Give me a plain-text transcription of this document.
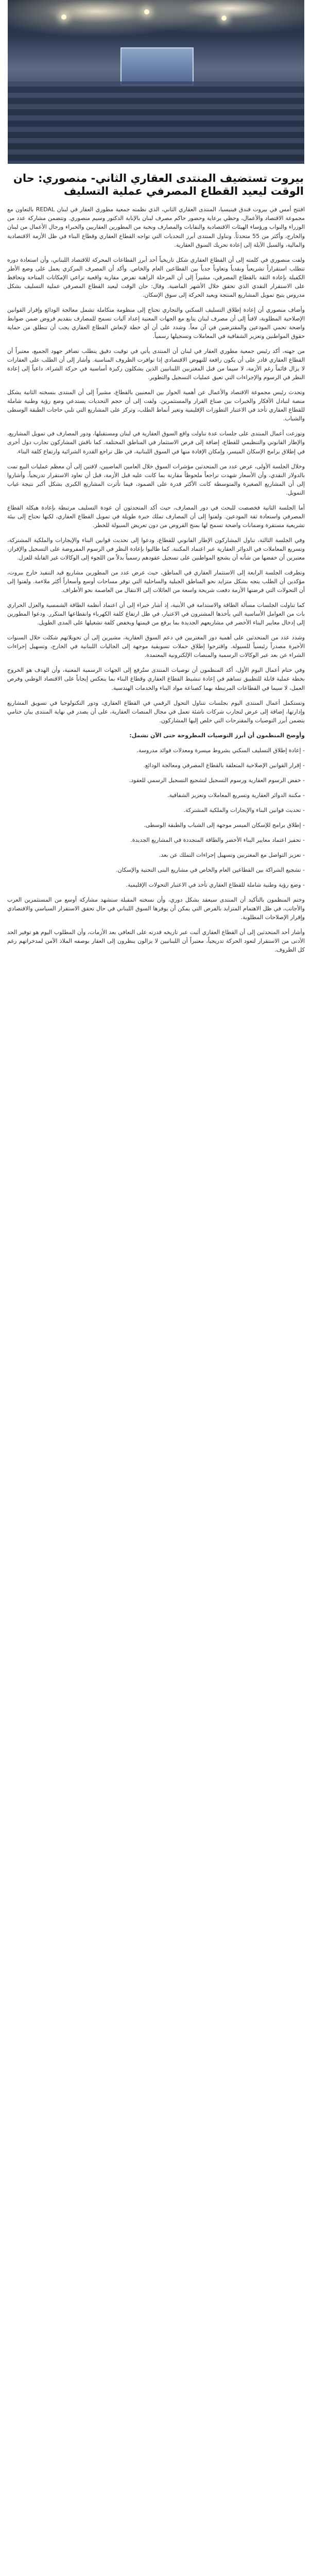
بيروت تستضيف المنتدى العقاري الثاني- منصوري: حان الوقت ليعيد القطاع المصرفي عملية التسليف

افتتح أمس في بيروت فندق فينيسيا، المنتدى العقاري الثاني، الذي نظمته جمعية مطوري العقار في لبنان REDAL بالتعاون مع مجموعة الاقتصاد والأعمال، وحظي برعاية وحضور حاكم مصرف لبنان بالإنابة الدكتور وسيم منصوري. وتتضمن مشاركة عدد من الوزراء والنواب ورؤساء الهيئات الاقتصادية والنقابات والمصارف ونخبة من المطورين العقاريين والخبراء ورجال الأعمال من لبنان والخارج، وأكثر من 55 متحدثاً. وتناول المنتدى أبرز التحديات التي تواجه القطاع العقاري وقطاع البناء في ظل الأزمة الاقتصادية والمالية، والسبل الآيلة إلى إعادة تحريك السوق العقارية.

ولفت منصوري في كلمته إلى أن القطاع العقاري شكل تاريخياً أحد أبرز القطاعات المحركة للاقتصاد اللبناني، وأن استعادة دوره تتطلب استقراراً تشريعياً ونقدياً وتعاوناً جدياً بين القطاعين العام والخاص. وأكد أن المصرف المركزي يعمل على وضع الأطر الكفيلة بإعادة الثقة بالقطاع المصرفي، مشيراً إلى أن المرحلة الراهنة تفرض مقاربة واقعية تراعي الإمكانات المتاحة وتحافظ على الاستقرار النقدي الذي تحقق خلال الأشهر الماضية. وقال: حان الوقت ليعيد القطاع المصرفي عملية التسليف بشكل مدروس يتيح تمويل المشاريع المنتجة ويعيد الحركة إلى سوق الإسكان.

وأضاف منصوري أن إعادة إطلاق التسليف السكني والتجاري تحتاج إلى منظومة متكاملة تشمل معالجة الودائع وإقرار القوانين الإصلاحية المطلوبة، لافتاً إلى أن مصرف لبنان يتابع مع الجهات المعنية إعداد آليات تسمح للمصارف بتقديم قروض ضمن ضوابط واضحة تحمي المودعين والمقترضين في آن معاً. وشدد على أن أي خطة لإنعاش القطاع العقاري يجب أن تنطلق من حماية حقوق المواطنين وتعزيز الشفافية في المعاملات وتسجيلها رسمياً.

من جهته، أكد رئيس جمعية مطوري العقار في لبنان أن المنتدى يأتي في توقيت دقيق يتطلب تضافر جهود الجميع، معتبراً أن القطاع العقاري قادر على أن يكون رافعة للنهوض الاقتصادي إذا توافرت الظروف المناسبة. وأشار إلى أن الطلب على العقارات لا يزال قائماً رغم الأزمة، لا سيما من قبل المغتربين اللبنانيين الذين يشكلون ركيزة أساسية في حركة الشراء، داعياً إلى إعادة النظر في الرسوم والإجراءات التي تعيق عمليات التسجيل والتطوير.

وتحدث رئيس مجموعة الاقتصاد والأعمال عن أهمية الحوار بين المعنيين بالقطاع، مشيراً إلى أن المنتدى بنسخته الثانية يشكل منصة لتبادل الأفكار والخبرات بين صناع القرار والمستثمرين. ولفت إلى أن حجم التحديات يستدعي وضع رؤية وطنية شاملة للقطاع العقاري تأخذ في الاعتبار التطورات الإقليمية وتغير أنماط الطلب، وتركز على المشاريع التي تلبي حاجات الطبقة الوسطى والشباب.

وتوزعت أعمال المنتدى على جلسات عدة تناولت واقع السوق العقارية في لبنان ومستقبلها، ودور المصارف في تمويل المشاريع، والإطار القانوني والتنظيمي للقطاع، إضافة إلى فرص الاستثمار في المناطق المختلفة. كما ناقش المشاركون تجارب دول أخرى في إطلاق برامج الإسكان الميسر، وإمكان الإفادة منها في السوق اللبنانية، في ظل تراجع القدرة الشرائية وارتفاع كلفة البناء.

وخلال الجلسة الأولى، عرض عدد من المتحدثين مؤشرات السوق خلال العامين الماضيين، لافتين إلى أن معظم عمليات البيع تمت بالدولار النقدي، وأن الأسعار شهدت تراجعاً ملحوظاً مقارنة بما كانت عليه قبل الأزمة، قبل أن تعاود الاستقرار تدريجياً. وأشاروا إلى أن المشاريع الصغيرة والمتوسطة كانت الأكثر قدرة على الصمود، فيما تأثرت المشاريع الكبرى بشكل أكبر نتيجة غياب التمويل.

أما الجلسة الثانية فخصصت للبحث في دور المصارف، حيث أكد المتحدثون أن عودة التسليف مرتبطة بإعادة هيكلة القطاع المصرفي واستعادة ثقة المودعين. ولفتوا إلى أن المصارف تملك خبرة طويلة في تمويل القطاع العقاري، لكنها تحتاج إلى بيئة تشريعية مستقرة وضمانات واضحة تسمح لها بمنح القروض من دون تعريض السيولة للخطر.

وفي الجلسة الثالثة، تناول المشاركون الإطار القانوني للقطاع، ودعوا إلى تحديث قوانين البناء والإيجارات والملكية المشتركة، وتسريع المعاملات في الدوائر العقارية عبر اعتماد المكننة. كما طالبوا بإعادة النظر في الرسوم المفروضة على التسجيل والإفراز، معتبرين أن خفضها من شأنه أن يشجع المواطنين على تسجيل عقودهم رسمياً بدلاً من اللجوء إلى الوكالات غير القابلة للعزل.

وتطرقت الجلسة الرابعة إلى الاستثمار العقاري في المناطق، حيث عرض عدد من المطورين مشاريع قيد التنفيذ خارج بيروت، مؤكدين أن الطلب يتجه بشكل متزايد نحو المناطق الجبلية والساحلية التي توفر مساحات أوسع وأسعاراً أكثر ملاءمة. ولفتوا إلى أن التحولات التي فرضتها الأزمة دفعت شريحة واسعة من العائلات إلى الانتقال من العاصمة نحو الأطراف.

كما تناولت الجلسات مسألة الطاقة والاستدامة في الأبنية، إذ أشار خبراء إلى أن اعتماد أنظمة الطاقة الشمسية والعزل الحراري بات من العوامل الأساسية التي يأخذها المشترون في الاعتبار، في ظل ارتفاع كلفة الكهرباء وانقطاعها المتكرر. ودعوا المطورين إلى إدخال معايير البناء الأخضر في مشاريعهم الجديدة بما يرفع من قيمتها ويخفض كلفة تشغيلها على المدى الطويل.

وشدد عدد من المتحدثين على أهمية دور المغتربين في دعم السوق العقارية، مشيرين إلى أن تحويلاتهم شكلت خلال السنوات الأخيرة مصدراً رئيسياً للسيولة. واقترحوا إطلاق حملات تسويقية موجهة إلى الجاليات اللبنانية في الخارج، وتسهيل إجراءات الشراء عن بعد عبر الوكالات الرسمية والمنصات الإلكترونية المعتمدة.

وفي ختام أعمال اليوم الأول، أكد المنظمون أن توصيات المنتدى ستُرفع إلى الجهات الرسمية المعنية، وأن الهدف هو الخروج بخطة عملية قابلة للتطبيق تساهم في إعادة تنشيط القطاع العقاري وقطاع البناء بما ينعكس إيجاباً على الاقتصاد الوطني وفرص العمل، لا سيما في القطاعات المرتبطة بهما كصناعة مواد البناء والخدمات الهندسية.

وتستكمل أعمال المنتدى اليوم بجلسات تتناول التحول الرقمي في القطاع العقاري، ودور التكنولوجيا في تسويق المشاريع وإدارتها، إضافة إلى عرض لتجارب شركات ناشئة تعمل في مجال المنصات العقارية، على أن يصدر في نهاية المنتدى بيان ختامي يتضمن أبرز التوصيات والمقترحات التي خلص إليها المشاركون.

وأوضح المنظمون أن أبرز التوصيات المطروحة حتى الآن تشمل:

- إعادة إطلاق التسليف السكني بشروط ميسرة ومعدلات فوائد مدروسة.

- إقرار القوانين الإصلاحية المتعلقة بالقطاع المصرفي ومعالجة الودائع.

- خفض الرسوم العقارية ورسوم التسجيل لتشجيع التسجيل الرسمي للعقود.

- مكننة الدوائر العقارية وتسريع المعاملات وتعزيز الشفافية.

- تحديث قوانين البناء والإيجارات والملكية المشتركة.

- إطلاق برامج للإسكان الميسر موجهة إلى الشباب والطبقة الوسطى.

- تحفيز اعتماد معايير البناء الأخضر والطاقة المتجددة في المشاريع الجديدة.

- تعزيز التواصل مع المغتربين وتسهيل إجراءات التملك عن بعد.

- تشجيع الشراكة بين القطاعين العام والخاص في مشاريع البنى التحتية والإسكان.

- وضع رؤية وطنية شاملة للقطاع العقاري تأخذ في الاعتبار التحولات الإقليمية.

وختم المنظمون بالتأكيد أن المنتدى سيعقد بشكل دوري، وأن نسخته المقبلة ستشهد مشاركة أوسع من المستثمرين العرب والأجانب، في ظل الاهتمام المتزايد بالفرص التي يمكن أن يوفرها السوق اللبناني في حال تحقق الاستقرار السياسي والاقتصادي وإقرار الإصلاحات المطلوبة.

وأشار أحد المتحدثين إلى أن القطاع العقاري أثبت عبر تاريخه قدرته على التعافي بعد الأزمات، وأن المطلوب اليوم هو توفير الحد الأدنى من الاستقرار لتعود الحركة تدريجياً، معتبراً أن اللبنانيين لا يزالون ينظرون إلى العقار بوصفه الملاذ الآمن لمدخراتهم رغم كل الظروف.
